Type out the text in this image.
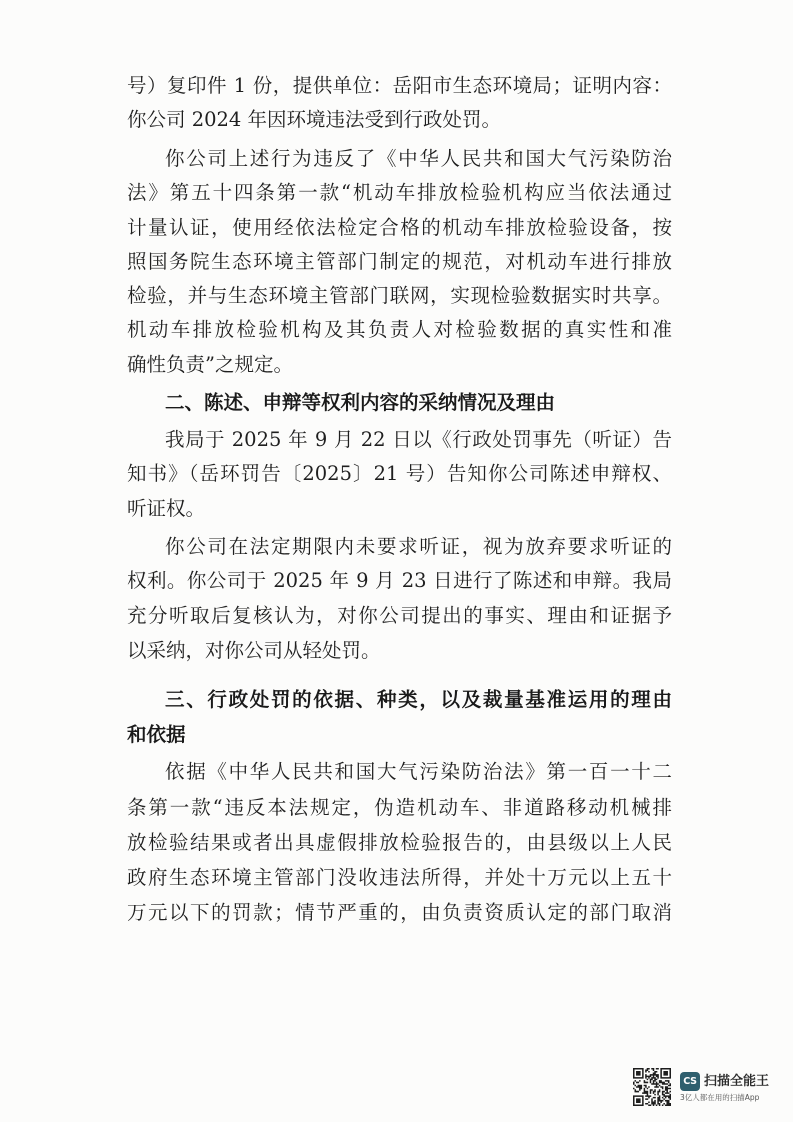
号）复印件 1 份，提供单位：岳阳市生态环境局；证明内容：
你公司 2024 年因环境违法受到行政处罚。
你公司上述行为违反了《中华人民共和国大气污染防治
法》第五十四条第一款“机动车排放检验机构应当依法通过
计量认证，使用经依法检定合格的机动车排放检验设备，按
照国务院生态环境主管部门制定的规范，对机动车进行排放
检验，并与生态环境主管部门联网，实现检验数据实时共享。
机动车排放检验机构及其负责人对检验数据的真实性和准
确性负责”之规定。
二、陈述、申辩等权利内容的采纳情况及理由
我局于 2025 年 9 月 22 日以《行政处罚事先（听证）告
知书》（岳环罚告〔2025〕21 号）告知你公司陈述申辩权、
听证权。
你公司在法定期限内未要求听证，视为放弃要求听证的
权利。你公司于 2025 年 9 月 23 日进行了陈述和申辩。我局
充分听取后复核认为，对你公司提出的事实、理由和证据予
以采纳，对你公司从轻处罚。
三、行政处罚的依据、种类，以及裁量基准运用的理由
和依据
依据《中华人民共和国大气污染防治法》第一百一十二
条第一款“违反本法规定，伪造机动车、非道路移动机械排
放检验结果或者出具虚假排放检验报告的，由县级以上人民
政府生态环境主管部门没收违法所得，并处十万元以上五十
万元以下的罚款；情节严重的，由负责资质认定的部门取消
CS 扫描全能王
3亿人都在用的扫描App
